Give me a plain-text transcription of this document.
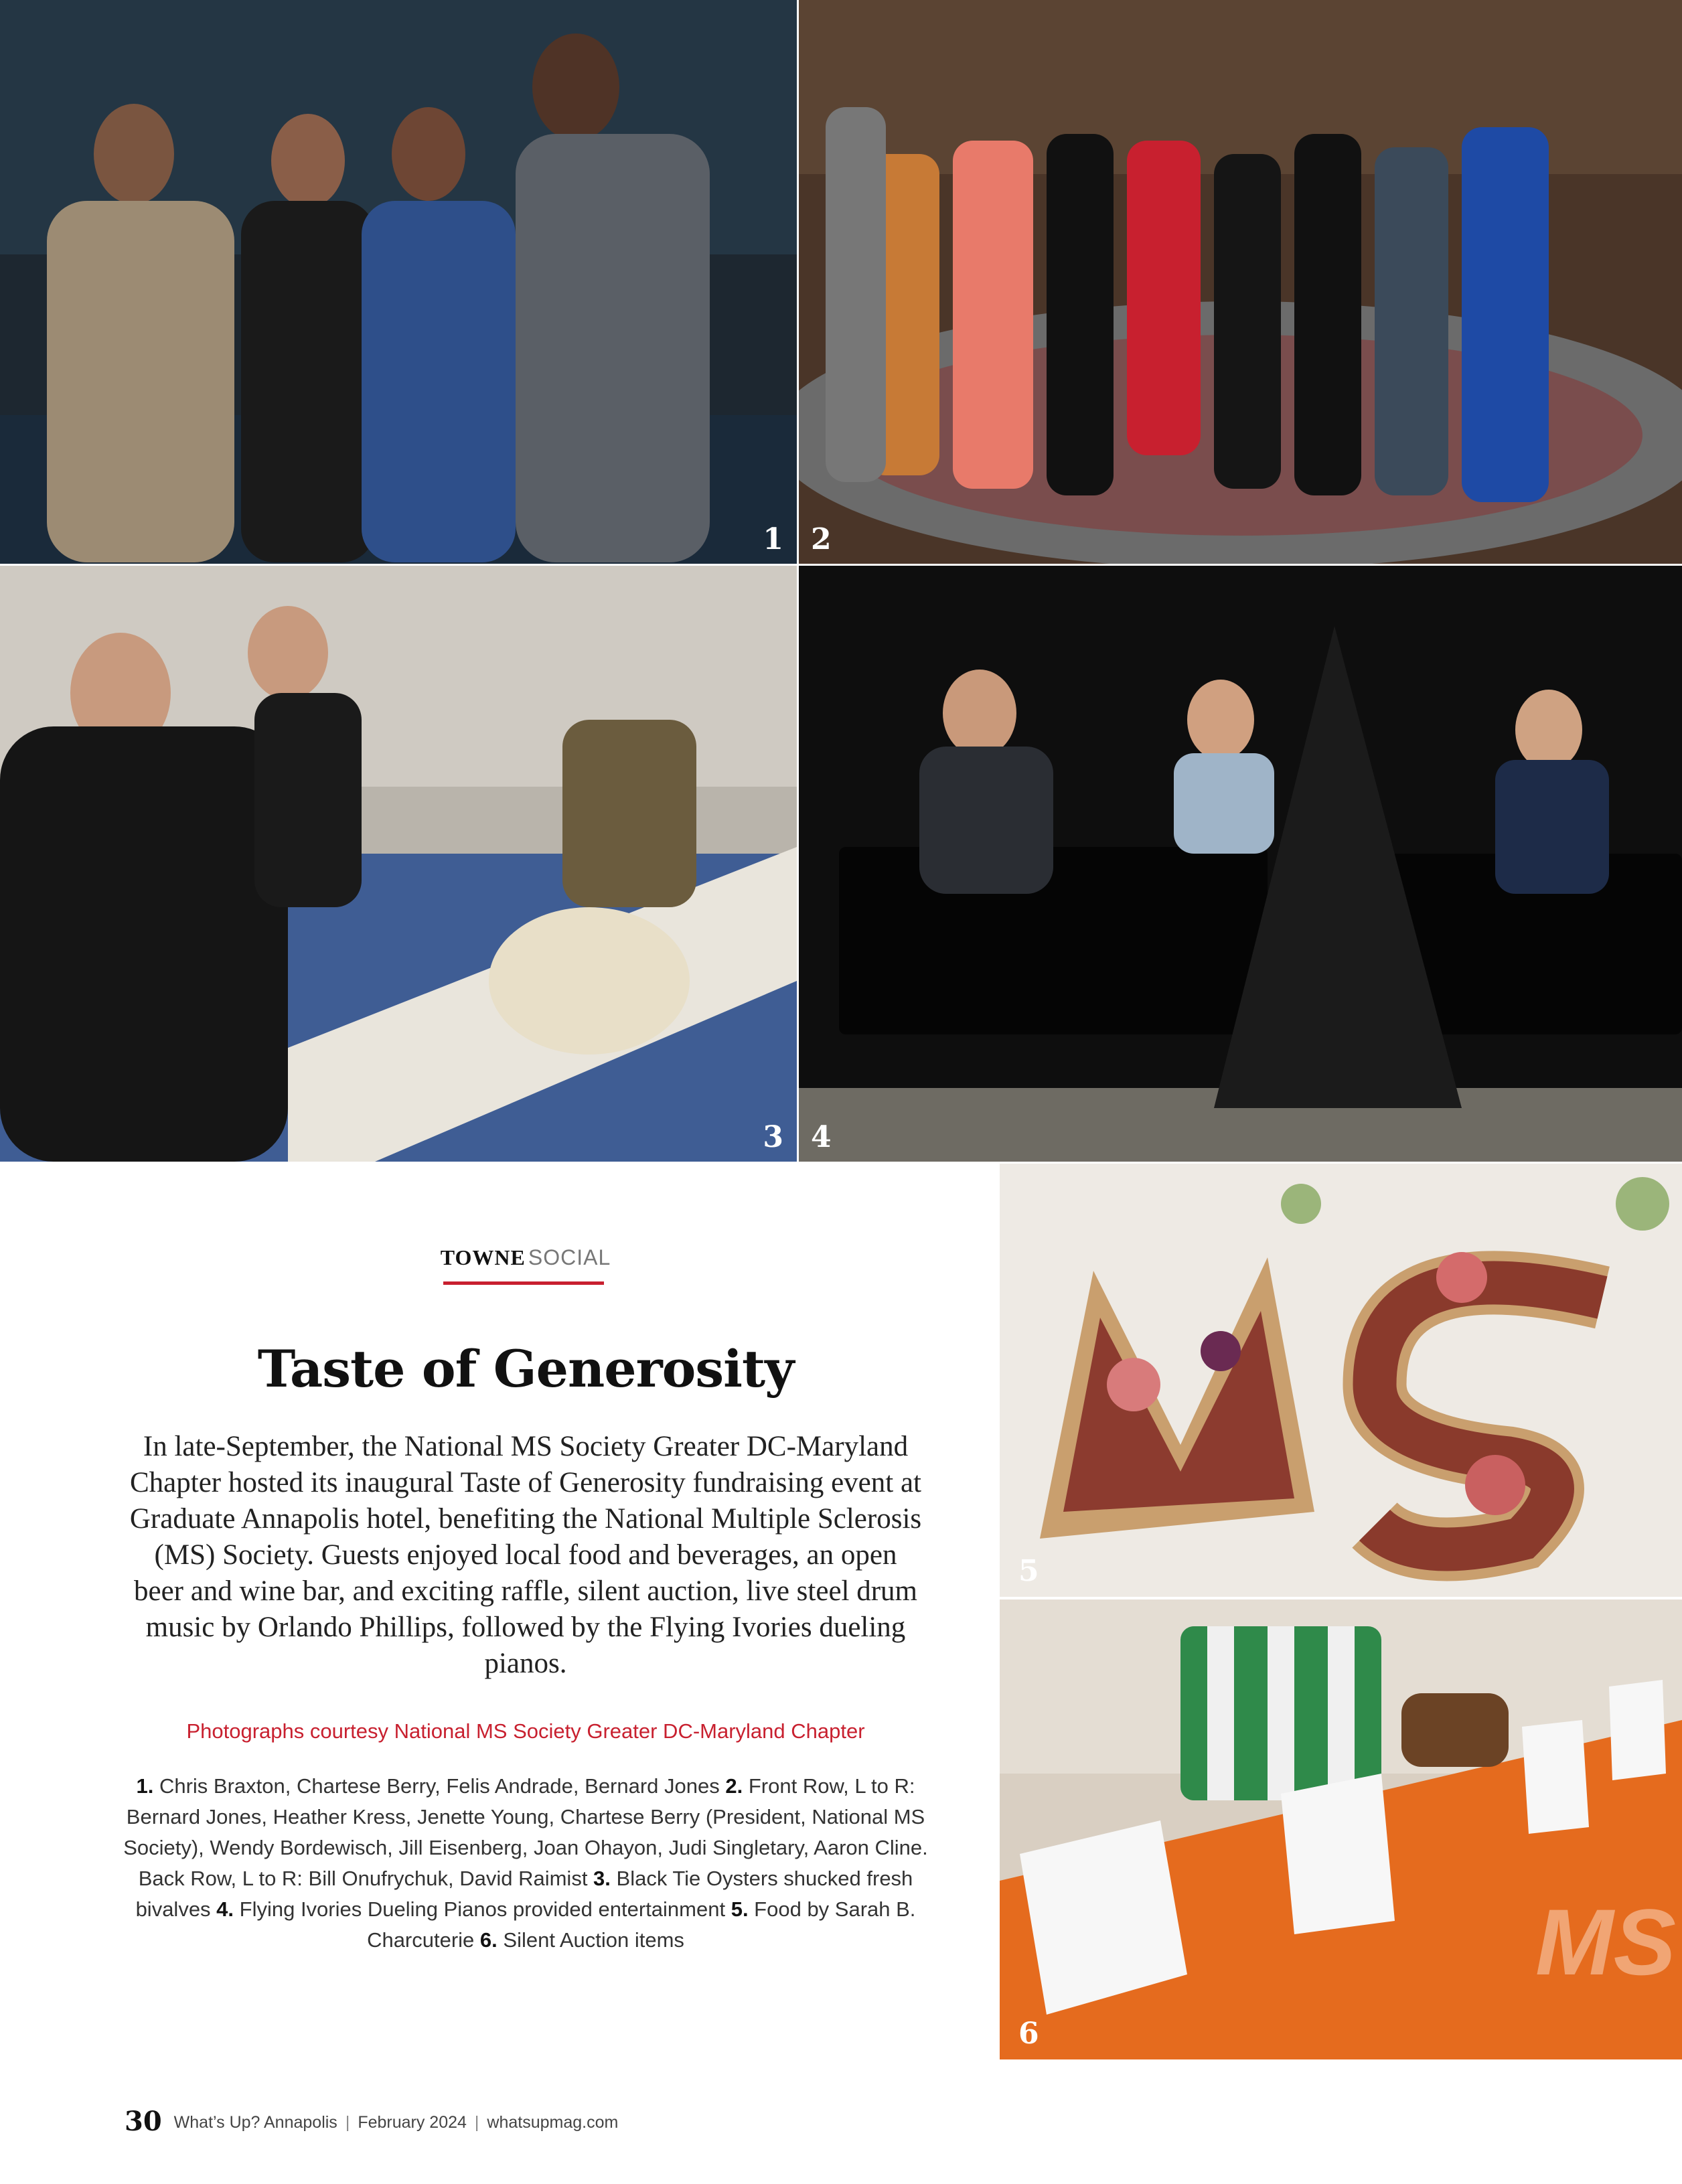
1 2
3 4
5
MS
6
TOWNE SOCIAL
Taste of Generosity
In late-September, the National MS Society Greater DC-Maryland Chapter hosted its inaugural Taste of Generosity fundraising event at Graduate Annapolis hotel, benefiting the National Multiple Sclerosis (MS) Society. Guests enjoyed local food and beverages, an open beer and wine bar, and exciting raffle, silent auction, live steel drum music by Orlando Phillips, followed by the Flying Ivories dueling pianos.
Photographs courtesy National MS Society Greater DC-Maryland Chapter
1. Chris Braxton, Chartese Berry, Felis Andrade, Bernard Jones 2. Front Row, L to R: Bernard Jones, Heather Kress, Jenette Young, Chartese Berry (President, National MS Society), Wendy Bordewisch, Jill Eisenberg, Joan Ohayon, Judi Singletary, Aaron Cline. Back Row, L to R: Bill Onufrychuk, David Raimist 3. Black Tie Oysters shucked fresh bivalves 4. Flying Ivories Dueling Pianos provided entertainment 5. Food by Sarah B. Charcuterie 6. Silent Auction items
30 What’s Up? Annapolis | February 2024 | whatsupmag.com
